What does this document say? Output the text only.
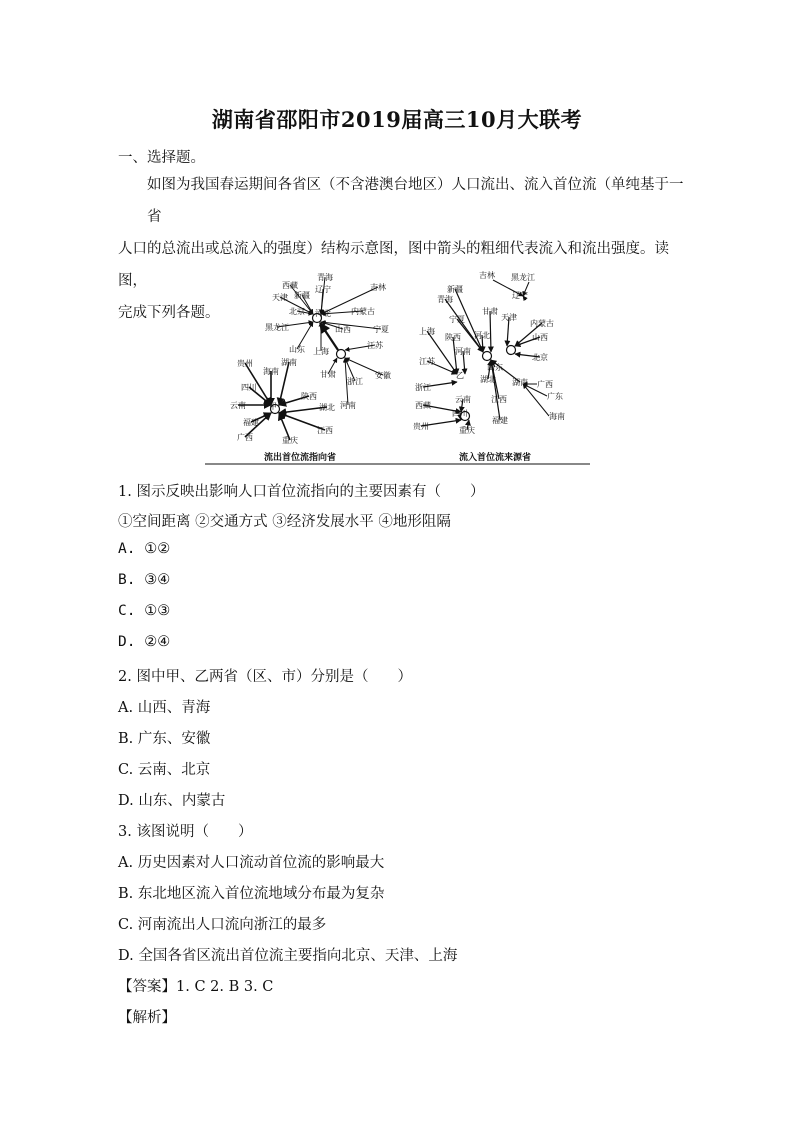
湖南省邵阳市2019届高三10月大联考
一、选择题。
如图为我国春运期间各省区（不含港澳台地区）人口流出、流入首位流（单纯基于一省
人口的总流出或总流入的强度）结构示意图，图中箭头的粗细代表流入和流出强度。读图，
完成下列各题。
青海
西藏
新疆
辽宁	吉林
天津
北京	内蒙古
黑龙江	宁夏
河北
山西
山东 上海
江苏
贵州	湖南
海南	甘肃	安徽
四川
浙江
陕西
云南	甲	湖北 河南
福建
广西
江西
重庆
吉林 黑龙江
新疆
辽宁
青海
甘肃
天津
宁夏	内蒙古
上海
陕西 河北	山西
河南
北京
江苏
山东
乙 湖北
浙江
湖南 广西
云南	广东
西藏
江西
四川	海南
福建
贵州	重庆
流出首位流指向省	流入首位流来源省
1. 图示反映出影响人口首位流指向的主要因素有（　　）
①空间距离 ②交通方式 ③经济发展水平 ④地形阻隔
A. ①②
B. ③④
C. ①③
D. ②④
2. 图中甲、乙两省（区、市）分别是（　　）
A. 山西、青海
B. 广东、安徽
C. 云南、北京
D. 山东、内蒙古
3. 该图说明（　　）
A. 历史因素对人口流动首位流的影响最大
B. 东北地区流入首位流地域分布最为复杂
C. 河南流出人口流向浙江的最多
D. 全国各省区流出首位流主要指向北京、天津、上海
【答案】1. C 2. B 3. C
【解析】
